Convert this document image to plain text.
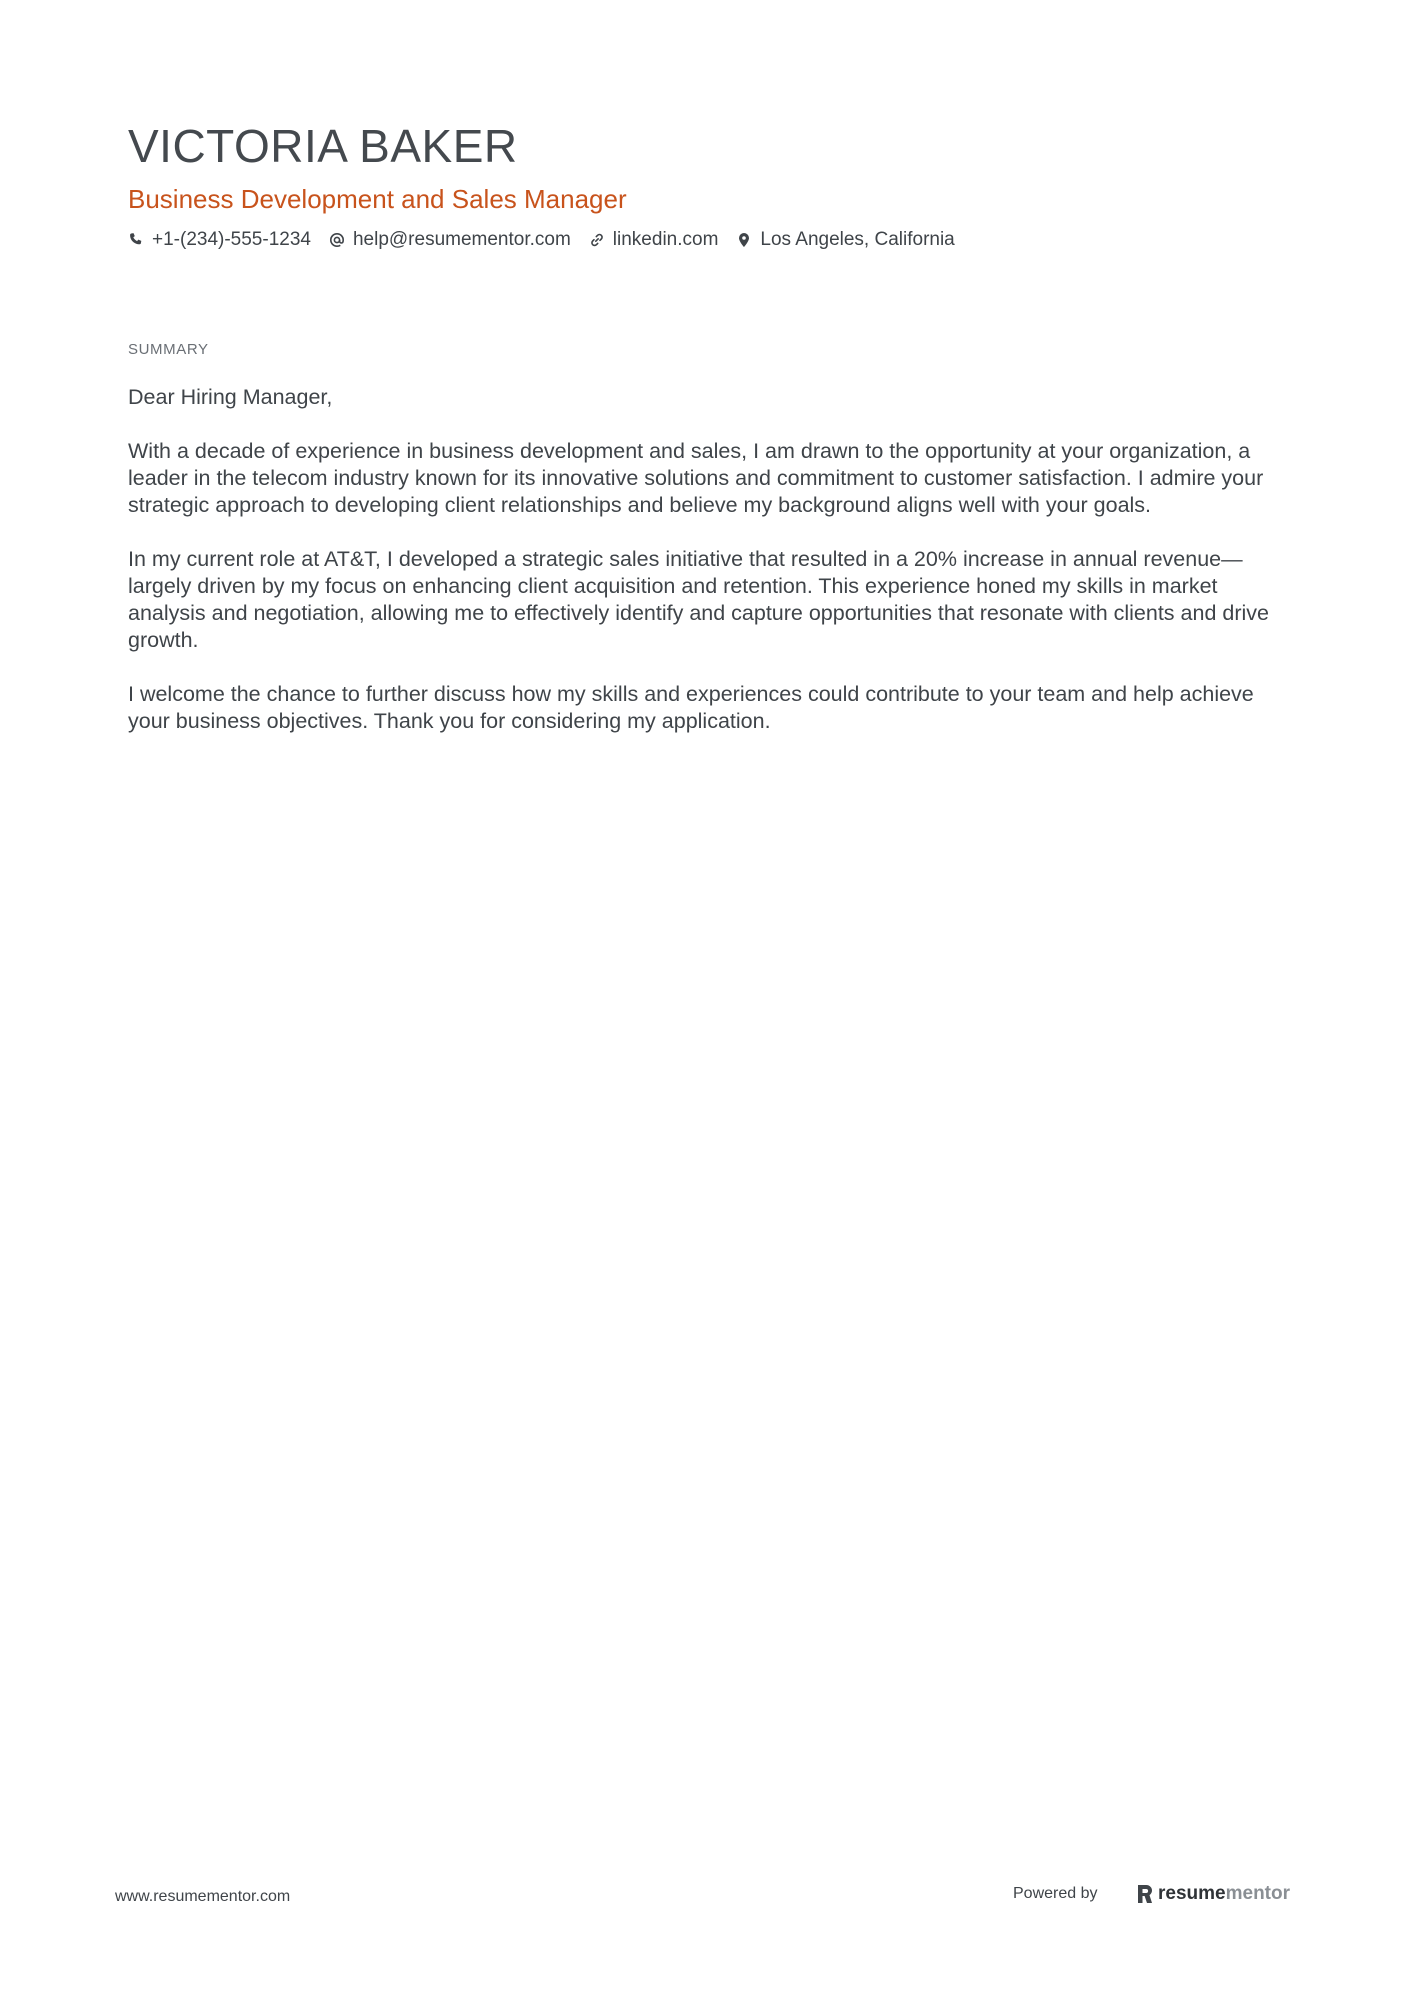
VICTORIA BAKER
Business Development and Sales Manager
+1-(234)-555-1234 help@resumementor.com linkedin.com Los Angeles, California
SUMMARY

Dear Hiring Manager,

With a decade of experience in business development and sales, I am drawn to the opportunity at your organization, a leader in the telecom industry known for its innovative solutions and commitment to customer satisfaction. I admire your strategic approach to developing client relationships and believe my background aligns well with your goals.

In my current role at AT&T, I developed a strategic sales initiative that resulted in a 20% increase in annual revenue—largely driven by my focus on enhancing client acquisition and retention. This experience honed my skills in market analysis and negotiation, allowing me to effectively identify and capture opportunities that resonate with clients and drive growth.

I welcome the chance to further discuss how my skills and experiences could contribute to your team and help achieve your business objectives. Thank you for considering my application.

www.resumementor.com	Powered by	resume mentor
